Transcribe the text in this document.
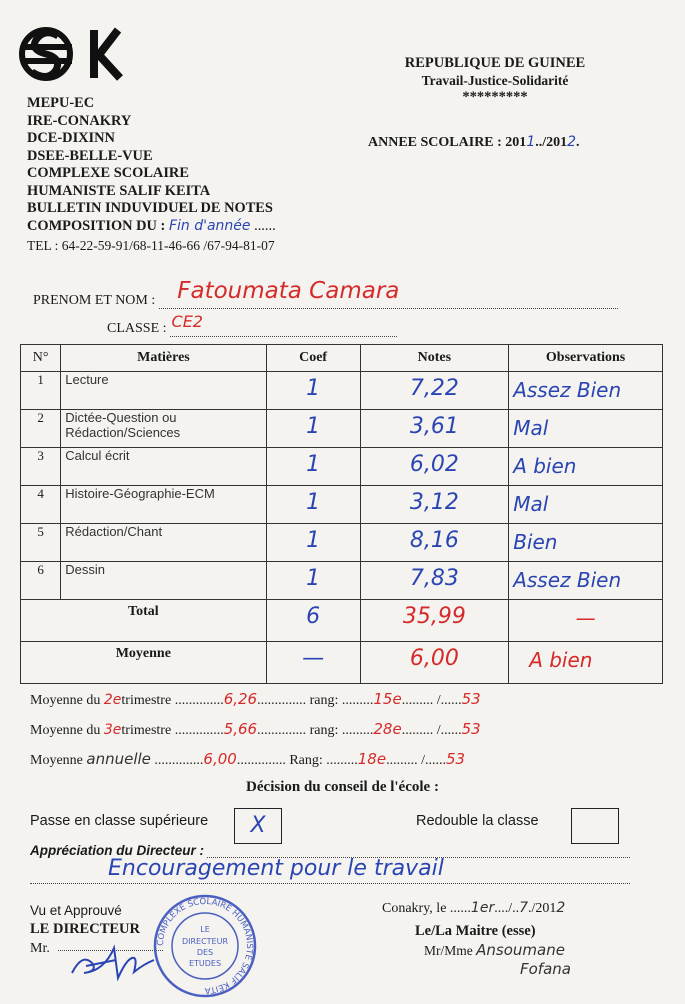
MEPU-EC
IRE-CONAKRY
DCE-DIXINN
DSEE-BELLE-VUE
COMPLEXE SCOLAIRE
HUMANISTE SALIF KEITA
BULLETIN INDUVIDUEL DE NOTES
COMPOSITION DU : Fin d'année ......
TEL : 64-22-59-91/68-11-46-66 /67-94-81-07
REPUBLIQUE DE GUINEE
Travail-Justice-Solidarité
*********
ANNEE SCOLAIRE : 2011../2012.
PRENOM ET NOM : Fatoumata Camara
CLASSE : CE2
N°	Matières	Coef	Notes	Observations
1	Lecture	1	7,22	Assez Bien
2	Dictée-Question ou Rédaction/Sciences	1	3,61	Mal
3	Calcul écrit	1	6,02	A bien
4	Histoire-Géographie-ECM	1	3,12	Mal
5	Rédaction/Chant	1	8,16	Bien
6	Dessin	1	7,83	Assez Bien
Total		6	35,99	—
Moyenne		—	6,00	A bien
Moyenne du 2etrimestre ..............6,26.............. rang: .........15e......... /......53
Moyenne du 3etrimestre ..............5,66.............. rang: .........28e......... /......53
Moyenne annuelle ..............6,00.............. Rang: .........18e......... /......53
Décision du conseil de l'école :
Passe en classe supérieure	X	Redouble la classe
Appréciation du Directeur :
Encouragement pour le travail
Vu et Approuvé
LE DIRECTEUR
Mr.	COMPLEXE SCOLAIRE HUMANISTE SALIF KEITA
LE
DIRECTEUR
DES
ETUDES
Conakry, le ......1er..../..7./2012
Le/La Maitre (esse)
Mr/Mme Ansoumane
Fofana
